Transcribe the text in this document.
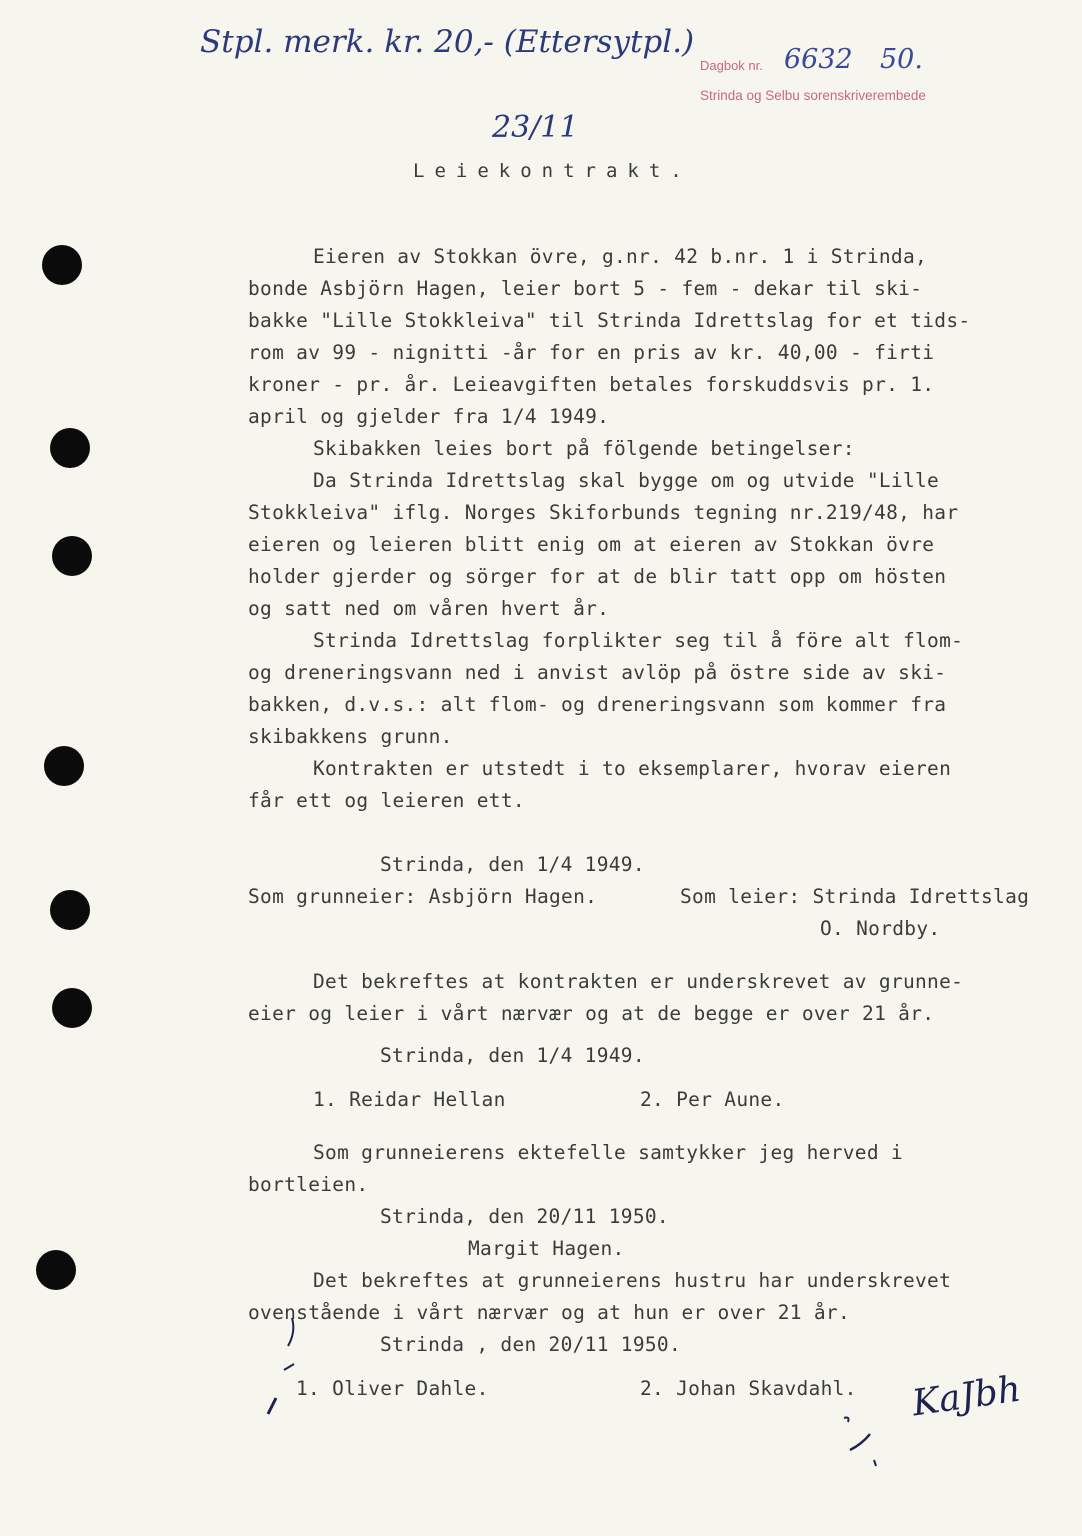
Stpl. merk. kr. 20,- (Ettersytpl.)
Dagbok nr. 6632 50.
Strinda og Selbu sorenskriverembede
23/11
Leiekontrakt.
Eieren av Stokkan övre, g.nr. 42 b.nr. 1 i Strinda,
bonde Asbjörn Hagen, leier bort 5 - fem - dekar til ski-
bakke "Lille Stokkleiva" til Strinda Idrettslag for et tids-
rom av 99 - nignitti -år for en pris av kr. 40,00 - firti
kroner - pr. år. Leieavgiften betales forskuddsvis pr. 1.
april og gjelder fra 1/4 1949.
Skibakken leies bort på fölgende betingelser:
Da Strinda Idrettslag skal bygge om og utvide "Lille
Stokkleiva" iflg. Norges Skiforbunds tegning nr.219/48, har
eieren og leieren blitt enig om at eieren av Stokkan övre
holder gjerder og sörger for at de blir tatt opp om hösten
og satt ned om våren hvert år.
Strinda Idrettslag forplikter seg til å före alt flom-
og dreneringsvann ned i anvist avlöp på östre side av ski-
bakken, d.v.s.: alt flom- og dreneringsvann som kommer fra
skibakkens grunn.
Kontrakten er utstedt i to eksemplarer, hvorav eieren
får ett og leieren ett.
Strinda, den 1/4 1949.
Som grunneier: Asbjörn Hagen.	Som leier: Strinda Idrettslag
O. Nordby.
Det bekreftes at kontrakten er underskrevet av grunne-
eier og leier i vårt nærvær og at de begge er over 21 år.
Strinda, den 1/4 1949.
1. Reidar Hellan	2. Per Aune.
Som grunneierens ektefelle samtykker jeg herved i
bortleien.
Strinda, den 20/11 1950.
Margit Hagen.
Det bekreftes at grunneierens hustru har underskrevet
ovenstående i vårt nærvær og at hun er over 21 år.
Strinda , den 20/11 1950.
1. Oliver Dahle.	2. Johan Skavdahl. KaJbh
